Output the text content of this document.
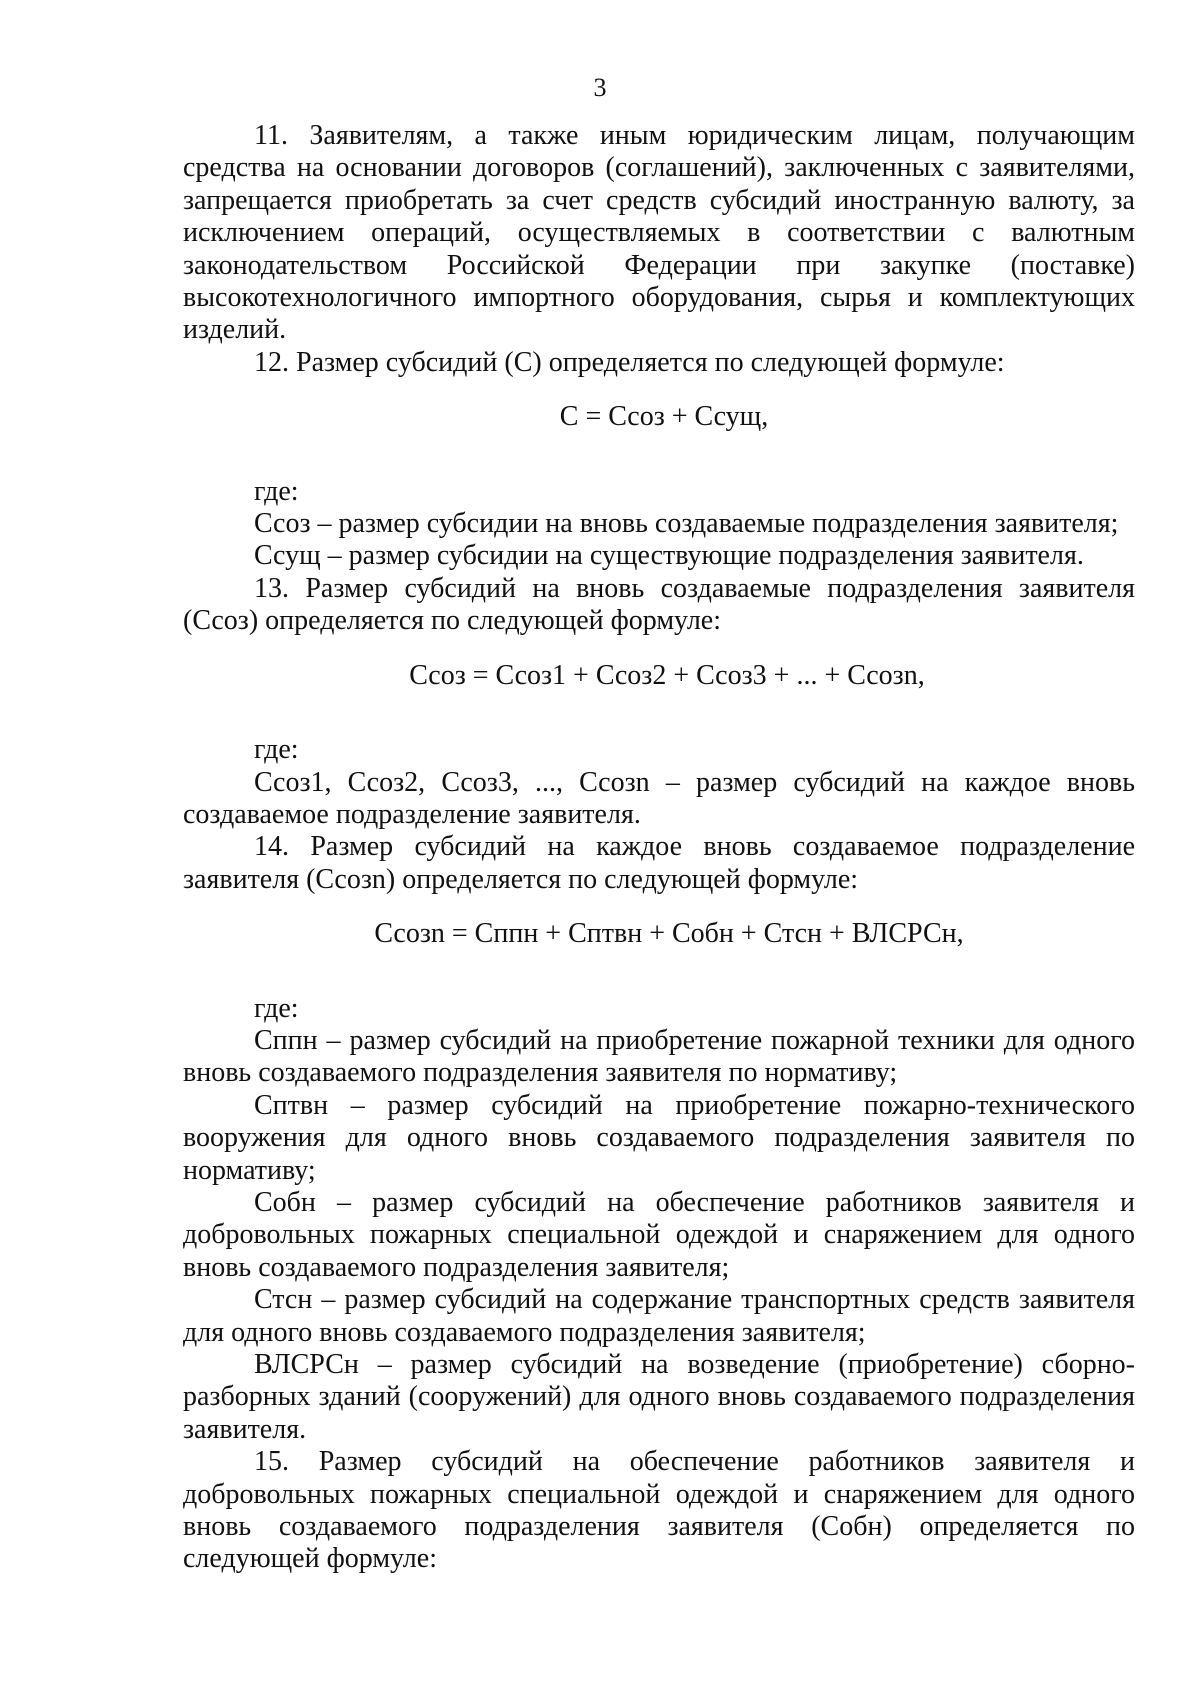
3

11. Заявителям, а также иным юридическим лицам, получающим средства на основании договоров (соглашений), заключенных с заявителями, запрещается приобретать за счет средств субсидий иностранную валюту, за исключением операций, осуществляемых в соответствии с валютным законодательством Российской Федерации при закупке (поставке) высокотехнологичного импортного оборудования, сырья и комплектующих изделий.

12. Размер субсидий (С) определяется по следующей формуле:

С = Ссоз + Ссущ,

где:

Ссоз – размер субсидии на вновь создаваемые подразделения заявителя;

Ссущ – размер субсидии на существующие подразделения заявителя.

13. Размер субсидий на вновь создаваемые подразделения заявителя (Ссоз) определяется по следующей формуле:

Ссоз = Ссоз1 + Ссоз2 + Ссоз3 + ... + Ссозn,

где:

Ссоз1, Ссоз2, Ссоз3, ..., Ссозn – размер субсидий на каждое вновь создаваемое подразделение заявителя.

14. Размер субсидий на каждое вновь создаваемое подразделение заявителя (Ссозn) определяется по следующей формуле:

Ссозn = Сппн + Сптвн + Собн + Стсн + ВЛСРСн,

где:

Сппн – размер субсидий на приобретение пожарной техники для одного вновь создаваемого подразделения заявителя по нормативу;

Сптвн – размер субсидий на приобретение пожарно-технического вооружения для одного вновь создаваемого подразделения заявителя по нормативу;

Собн – размер субсидий на обеспечение работников заявителя и добровольных пожарных специальной одеждой и снаряжением для одного вновь создаваемого подразделения заявителя;

Стсн – размер субсидий на содержание транспортных средств заявителя для одного вновь создаваемого подразделения заявителя;

ВЛСРСн – размер субсидий на возведение (приобретение) сборно-разборных зданий (сооружений) для одного вновь создаваемого подразделения заявителя.

15. Размер субсидий на обеспечение работников заявителя и добровольных пожарных специальной одеждой и снаряжением для одного вновь создаваемого подразделения заявителя (Собн) определяется по следующей формуле:
